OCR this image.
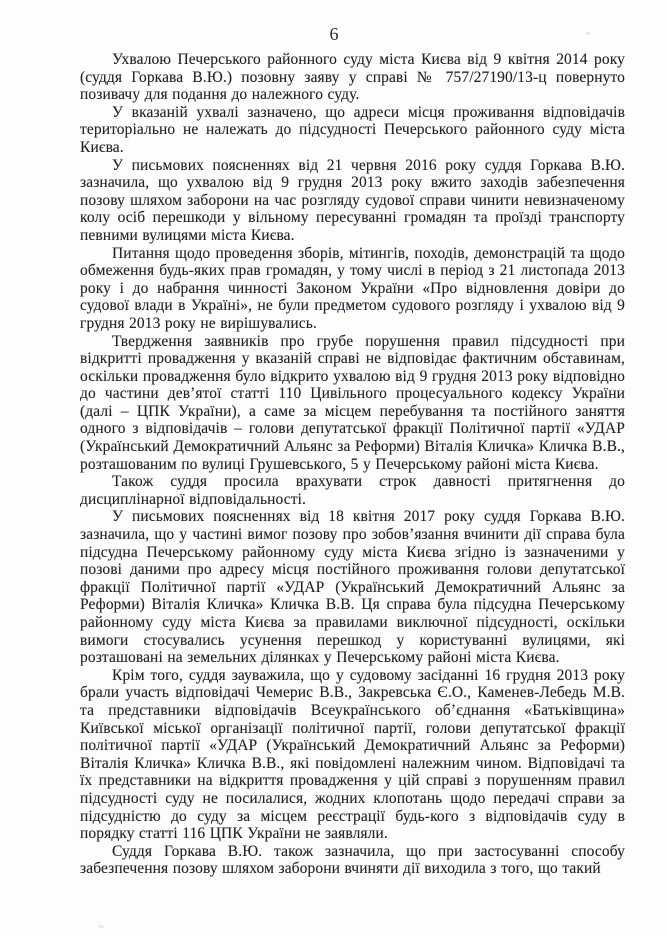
6

Ухвалою Печерського районного суду міста Києва від 9 квітня 2014 року (суддя Горкава В.Ю.) позовну заяву у справі № 757/27190/13-ц повернуто позивачу для подання до належного суду.

У вказаній ухвалі зазначено, що адреси місця проживання відповідачів територіально не належать до підсудності Печерського районного суду міста Києва.

У письмових поясненнях від 21 червня 2016 року суддя Горкава В.Ю. зазначила, що ухвалою від 9 грудня 2013 року вжито заходів забезпечення позову шляхом заборони на час розгляду судової справи чинити невизначеному колу осіб перешкоди у вільному пересуванні громадян та проїзді транспорту певними вулицями міста Києва.

Питання щодо проведення зборів, мітингів, походів, демонстрацій та щодо обмеження будь-яких прав громадян, у тому числі в період з 21 листопада 2013 року і до набрання чинності Законом України «Про відновлення довіри до судової влади в Україні», не були предметом судового розгляду і ухвалою від 9 грудня 2013 року не вирішувались.

Твердження заявників про грубе порушення правил підсудності при відкритті провадження у вказаній справі не відповідає фактичним обставинам, оскільки провадження було відкрито ухвалою від 9 грудня 2013 року відповідно до частини дев’ятої статті 110 Цивільного процесуального кодексу України (далі – ЦПК України), а саме за місцем перебування та постійного заняття одного з відповідачів – голови депутатської фракції Політичної партії «УДАР (Український Демократичний Альянс за Реформи) Віталія Кличка» Кличка В.В., розташованим по вулиці Грушевського, 5 у Печерському районі міста Києва.

Також суддя просила врахувати строк давності притягнення до дисциплінарної відповідальності.

У письмових поясненнях від 18 квітня 2017 року суддя Горкава В.Ю. зазначила, що у частині вимог позову про зобов’язання вчинити дії справа була підсудна Печерському районному суду міста Києва згідно із зазначеними у позові даними про адресу місця постійного проживання голови депутатської фракції Політичної партії «УДАР (Український Демократичний Альянс за Реформи) Віталія Кличка» Кличка В.В. Ця справа була підсудна Печерському районному суду міста Києва за правилами виключної підсудності, оскільки вимоги стосувались усунення перешкод у користуванні вулицями, які розташовані на земельних ділянках у Печерському районі міста Києва.

Крім того, суддя зауважила, що у судовому засіданні 16 грудня 2013 року брали участь відповідачі Чемерис В.В., Закревська Є.О., Каменев-Лебедь М.В. та представники відповідачів Всеукраїнського об’єднання «Батьківщина» Київської міської організації політичної партії, голови депутатської фракції політичної партії «УДАР (Український Демократичний Альянс за Реформи) Віталія Кличка» Кличка В.В., які повідомлені належним чином. Відповідачі та їх представники на відкриття провадження у цій справі з порушенням правил підсудності суду не посилалися, жодних клопотань щодо передачі справи за підсудністю до суду за місцем реєстрації будь-кого з відповідачів суду в порядку статті 116 ЦПК України не заявляли.

Суддя Горкава В.Ю. також зазначила, що при застосуванні способу забезпечення позову шляхом заборони вчиняти дії виходила з того, що такий
